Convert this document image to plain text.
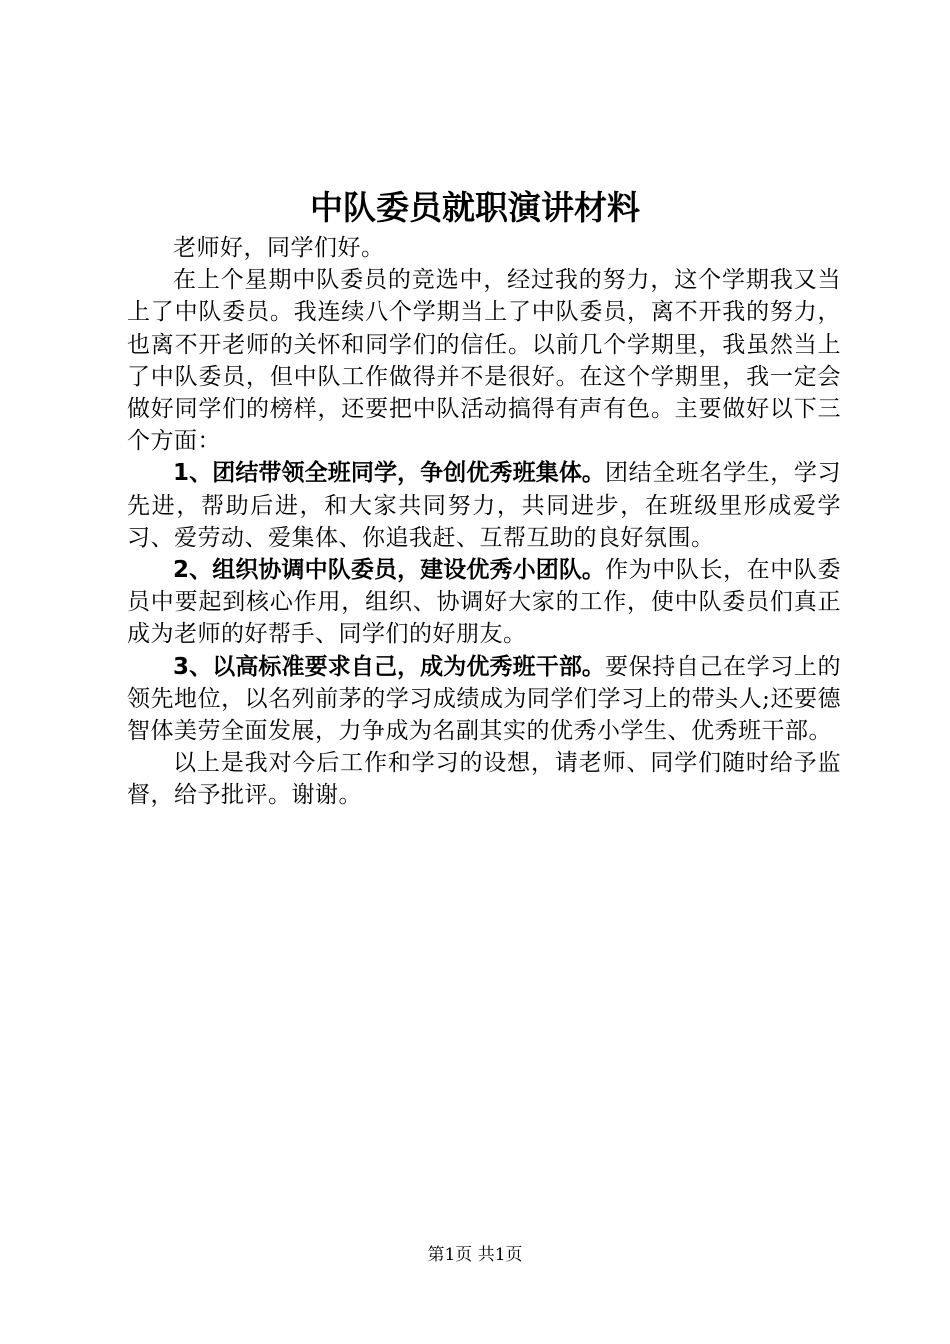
中队委员就职演讲材料

老师好，同学们好。

在上个星期中队委员的竞选中，经过我的努力，这个学期我又当上了中队委员。我连续八个学期当上了中队委员，离不开我的努力，也离不开老师的关怀和同学们的信任。以前几个学期里，我虽然当上了中队委员，但中队工作做得并不是很好。在这个学期里，我一定会做好同学们的榜样，还要把中队活动搞得有声有色。主要做好以下三个方面：

1、团结带领全班同学，争创优秀班集体。团结全班名学生，学习先进，帮助后进，和大家共同努力，共同进步，在班级里形成爱学习、爱劳动、爱集体、你追我赶、互帮互助的良好氛围。

2、组织协调中队委员，建设优秀小团队。作为中队长，在中队委员中要起到核心作用，组织、协调好大家的工作，使中队委员们真正成为老师的好帮手、同学们的好朋友。

3、以高标准要求自己，成为优秀班干部。要保持自己在学习上的领先地位，以名列前茅的学习成绩成为同学们学习上的带头人;还要德智体美劳全面发展，力争成为名副其实的优秀小学生、优秀班干部。

以上是我对今后工作和学习的设想，请老师、同学们随时给予监督，给予批评。谢谢。

第1页 共1页
